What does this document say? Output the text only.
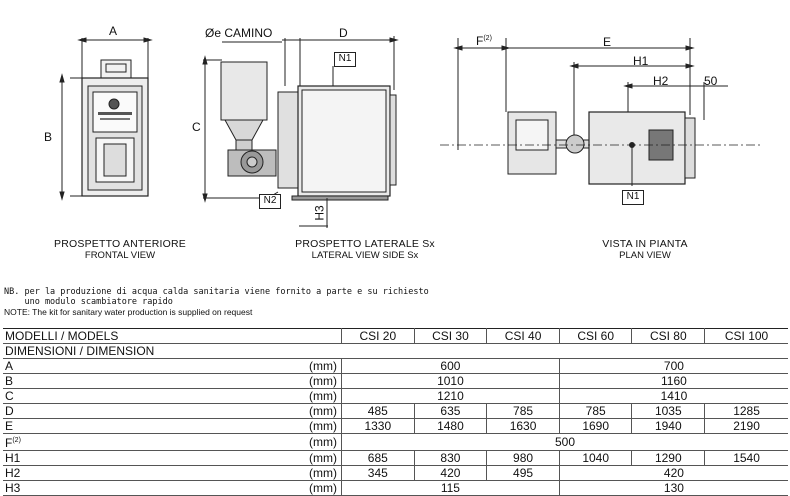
A
B
C
Øe CAMINO	D
H3
$F^{(2)}$	E
H1
H2	50
N1
N2	N1
PROSPETTO ANTERIORE
FRONTAL VIEW
PROSPETTO LATERALE Sx
LATERAL VIEW SIDE Sx
VISTA IN PIANTA
PLAN VIEW
NB. per la produzione di acqua calda sanitaria viene fornito a parte e su richiesto
uno modulo scambiatore rapido
NOTE: The kit for sanitary water production is supplied on request
MODELLI / MODELS		CSI 20	CSI 30	CSI 40	CSI 60	CSI 80	CSI 100
DIMENSIONI / DIMENSION							
A	(mm)	600			700		
B	(mm)	1010			1160		
C	(mm)	1210			1410		
D	(mm)	485	635	785	785	1035	1285
E	(mm)	1330	1480	1630	1690	1940	2190
$F^{(2)}$	(mm)	500					
H1	(mm)	685	830	980	1040	1290	1540
H2	(mm)	345	420	495	420		
H3	(mm)	115			130		
